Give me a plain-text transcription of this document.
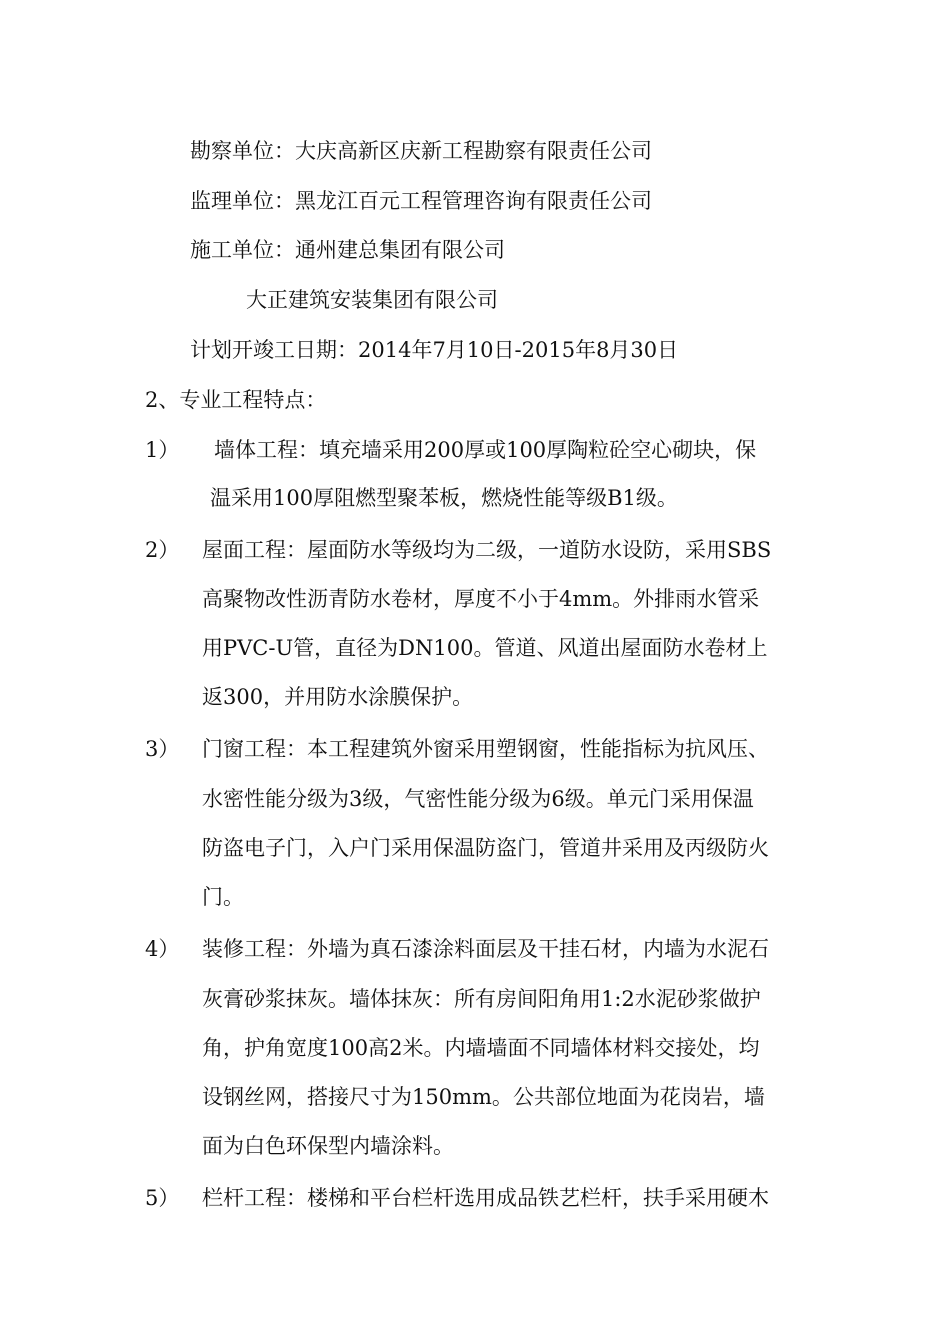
勘察单位：大庆高新区庆新工程勘察有限责任公司
监理单位：黑龙江百元工程管理咨询有限责任公司
施工单位：通州建总集团有限公司
大正建筑安装集团有限公司
计划开竣工日期：2014年7月10日-2015年8月30日
2、专业工程特点：
1） 墙体工程：填充墙采用200厚或100厚陶粒砼空心砌块，保
温采用100厚阻燃型聚苯板，燃烧性能等级B1级。
2） 屋面工程：屋面防水等级均为二级，一道防水设防，采用SBS
高聚物改性沥青防水卷材，厚度不小于4mm。外排雨水管采
用PVC-U管，直径为DN100。管道、风道出屋面防水卷材上
返300，并用防水涂膜保护。
3） 门窗工程：本工程建筑外窗采用塑钢窗，性能指标为抗风压、
水密性能分级为3级，气密性能分级为6级。单元门采用保温
防盗电子门，入户门采用保温防盗门，管道井采用及丙级防火
门。
4） 装修工程：外墙为真石漆涂料面层及干挂石材，内墙为水泥石
灰膏砂浆抹灰。墙体抹灰：所有房间阳角用1:2水泥砂浆做护
角，护角宽度100高2米。内墙墙面不同墙体材料交接处，均
设钢丝网，搭接尺寸为150mm。公共部位地面为花岗岩，墙
面为白色环保型内墙涂料。
5） 栏杆工程：楼梯和平台栏杆选用成品铁艺栏杆，扶手采用硬木
